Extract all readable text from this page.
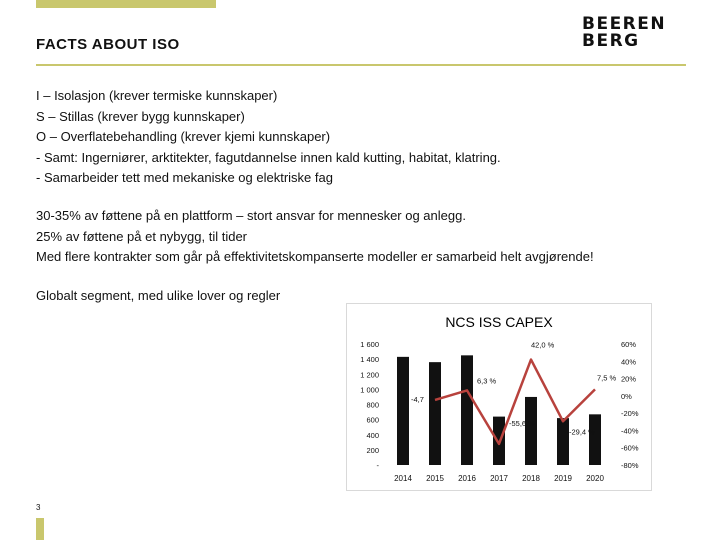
FACTS ABOUT ISO
BEEREN
BERG
I – Isolasjon (krever termiske kunnskaper)
S – Stillas (krever bygg kunnskaper)
O – Overflatebehandling (krever kjemi kunnskaper)
- Samt: Ingerniører, arktitekter, fagutdannelse innen kald kutting, habitat, klatring.
- Samarbeider tett med mekaniske og elektriske fag
30-35% av føttene på en plattform – stort ansvar for mennesker og anlegg.
25% av føttene på et nybygg, til tider
Med flere kontrakter som går på effektivitetskompanserte modeller er samarbeid helt avgjørende!
Globalt segment, med ulike lover og regler
NCS ISS CAPEX
-
200
400
600
800
1 000
1 200
1 400
1 600
-80%
-60%
-40%
-20%
0%
20%
40%
60%
2014 2015 2016 2017 2018 2019 2020
-4,7
6,3 %
-55,6 %
42,0 %
-29,4 %
7,5 %
3
